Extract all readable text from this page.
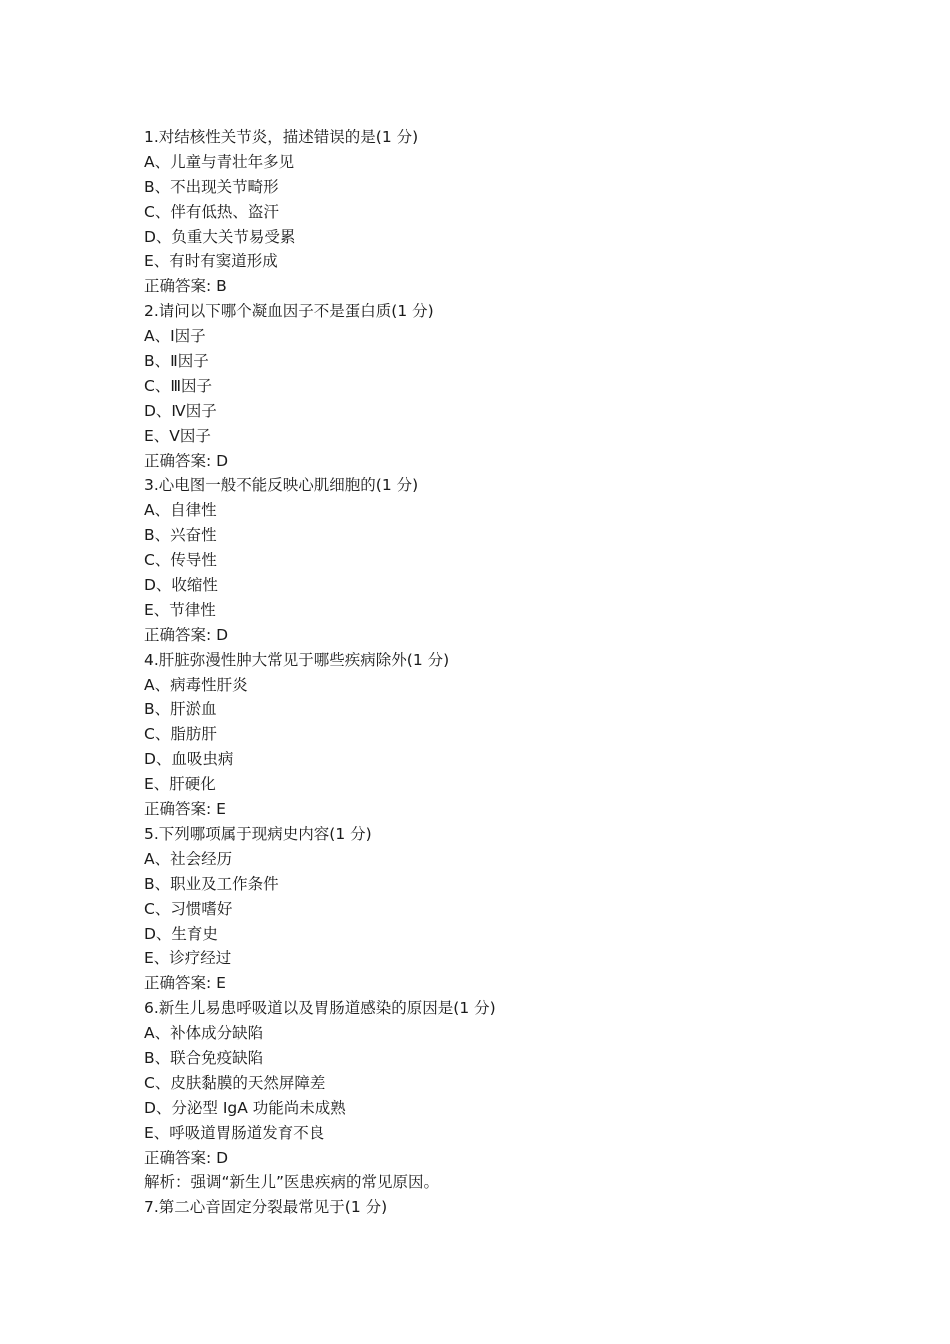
1.对结核性关节炎，描述错误的是(1 分)
A、儿童与青壮年多见
B、不出现关节畸形
C、伴有低热、盗汗
D、负重大关节易受累
E、有时有窦道形成
正确答案: B
2.请问以下哪个凝血因子不是蛋白质(1 分)
A、Ⅰ因子
B、Ⅱ因子
C、Ⅲ因子
D、Ⅳ因子
E、Ⅴ因子
正确答案: D
3.心电图一般不能反映心肌细胞的(1 分)
A、自律性
B、兴奋性
C、传导性
D、收缩性
E、节律性
正确答案: D
4.肝脏弥漫性肿大常见于哪些疾病除外(1 分)
A、病毒性肝炎
B、肝淤血
C、脂肪肝
D、血吸虫病
E、肝硬化
正确答案: E
5.下列哪项属于现病史内容(1 分)
A、社会经历
B、职业及工作条件
C、习惯嗜好
D、生育史
E、诊疗经过
正确答案: E
6.新生儿易患呼吸道以及胃肠道感染的原因是(1 分)
A、补体成分缺陷
B、联合免疫缺陷
C、皮肤黏膜的天然屏障差
D、分泌型 IgA 功能尚未成熟
E、呼吸道胃肠道发育不良
正确答案: D
解析：强调“新生儿”医患疾病的常见原因。
7.第二心音固定分裂最常见于(1 分)
